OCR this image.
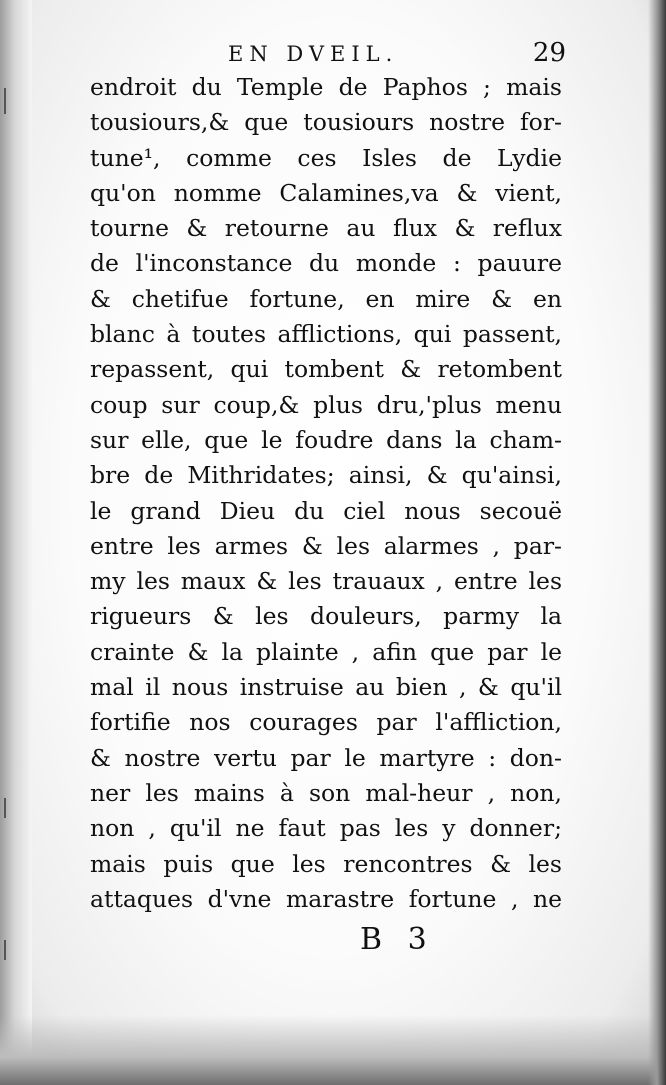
EN DVEIL.	29
endroit du Temple de Paphos ; mais
tousiours,& que tousiours nostre for-
tune¹, comme ces Isles de Lydie
qu'on nomme Calamines,va & vient,
tourne & retourne au flux & reflux
de l'inconstance du monde : pauure
& chetifue fortune, en mire & en
blanc à toutes afflictions, qui passent,
repassent, qui tombent & retombent
coup sur coup,& plus dru,'plus menu
sur elle, que le foudre dans la cham-
bre de Mithridates; ainsi, & qu'ainsi,
le grand Dieu du ciel nous secouë
entre les armes & les alarmes , par-
my les maux & les trauaux , entre les
rigueurs & les douleurs, parmy la
crainte & la plainte , afin que par le
mal il nous instruise au bien , & qu'il
fortifie nos courages par l'affliction,
& nostre vertu par le martyre : don-
ner les mains à son mal-heur , non,
non , qu'il ne faut pas les y donner;
mais puis que les rencontres & les
attaques d'vne marastre fortune , ne
B 3
